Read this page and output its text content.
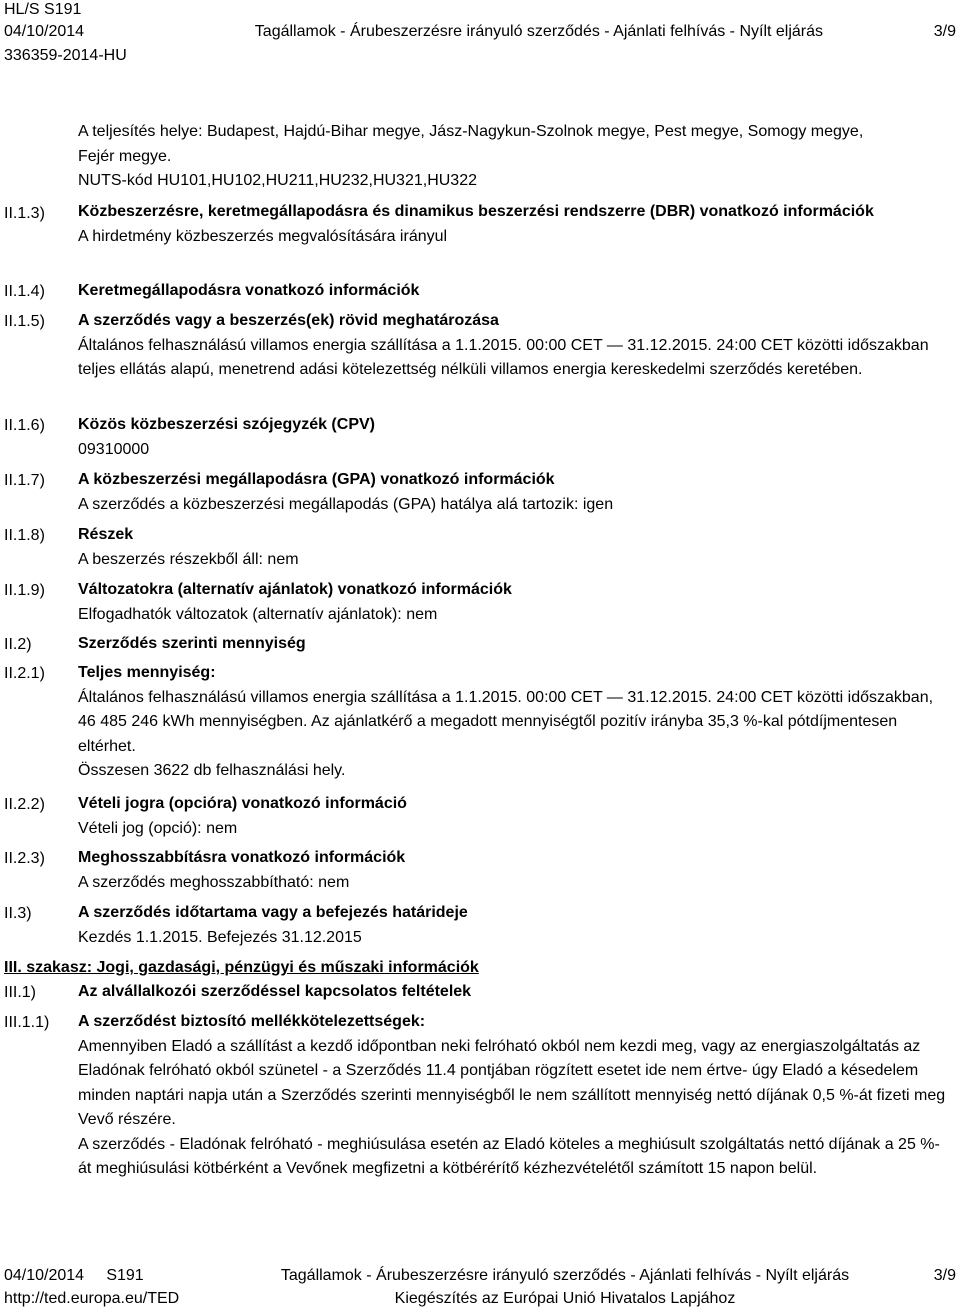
HL/S S191
04/10/2014	Tagállamok - Árubeszerzésre irányuló szerződés - Ajánlati felhívás - Nyílt eljárás	3/9
336359-2014-HU
A teljesítés helye: Budapest, Hajdú-Bihar megye, Jász-Nagykun-Szolnok megye, Pest megye, Somogy megye,
Fejér megye.
NUTS-kód HU101,HU102,HU211,HU232,HU321,HU322
II.1.3)	Közbeszerzésre, keretmegállapodásra és dinamikus beszerzési rendszerre (DBR) vonatkozó információk
A hirdetmény közbeszerzés megvalósítására irányul
II.1.4)	Keretmegállapodásra vonatkozó információk
II.1.5)	A szerződés vagy a beszerzés(ek) rövid meghatározása
Általános felhasználású villamos energia szállítása a 1.1.2015. 00:00 CET — 31.12.2015. 24:00 CET közötti időszakban teljes ellátás alapú, menetrend adási kötelezettség nélküli villamos energia kereskedelmi szerződés keretében.
II.1.6)	Közös közbeszerzési szójegyzék (CPV)
09310000
II.1.7)	A közbeszerzési megállapodásra (GPA) vonatkozó információk
A szerződés a közbeszerzési megállapodás (GPA) hatálya alá tartozik: igen
II.1.8)	Részek
A beszerzés részekből áll: nem
II.1.9)	Változatokra (alternatív ajánlatok) vonatkozó információk
Elfogadhatók változatok (alternatív ajánlatok): nem
II.2)	Szerződés szerinti mennyiség
II.2.1)	Teljes mennyiség:
Általános felhasználású villamos energia szállítása a 1.1.2015. 00:00 CET — 31.12.2015. 24:00 CET közötti időszakban, 46 485 246 kWh mennyiségben. Az ajánlatkérő a megadott mennyiségtől pozitív irányba 35,3 %-kal pótdíjmentesen eltérhet.
Összesen 3622 db felhasználási hely.
II.2.2)	Vételi jogra (opcióra) vonatkozó információ
Vételi jog (opció): nem
II.2.3)	Meghosszabbításra vonatkozó információk
A szerződés meghosszabbítható: nem
II.3)	A szerződés időtartama vagy a befejezés határideje
Kezdés 1.1.2015. Befejezés 31.12.2015
III. szakasz: Jogi, gazdasági, pénzügyi és műszaki információk
III.1)	Az alvállalkozói szerződéssel kapcsolatos feltételek
III.1.1)	A szerződést biztosító mellékkötelezettségek:
Amennyiben Eladó a szállítást a kezdő időpontban neki felróható okból nem kezdi meg, vagy az energiaszolgáltatás az Eladónak felróható okból szünetel - a Szerződés 11.4 pontjában rögzített esetet ide nem értve- úgy Eladó a késedelem minden naptári napja után a Szerződés szerinti mennyiségből le nem szállított mennyiség nettó díjának 0,5 %-át fizeti meg Vevő részére.
A szerződés - Eladónak felróható - meghiúsulása esetén az Eladó köteles a meghiúsult szolgáltatás nettó díjának a 25 %-át meghiúsulási kötbérként a Vevőnek megfizetni a kötbérérítő kézhezvételétől számított 15 napon belül.
04/10/2014 S191	Tagállamok - Árubeszerzésre irányuló szerződés - Ajánlati felhívás - Nyílt eljárás	3/9
http://ted.europa.eu/TED	Kiegészítés az Európai Unió Hivatalos Lapjához
